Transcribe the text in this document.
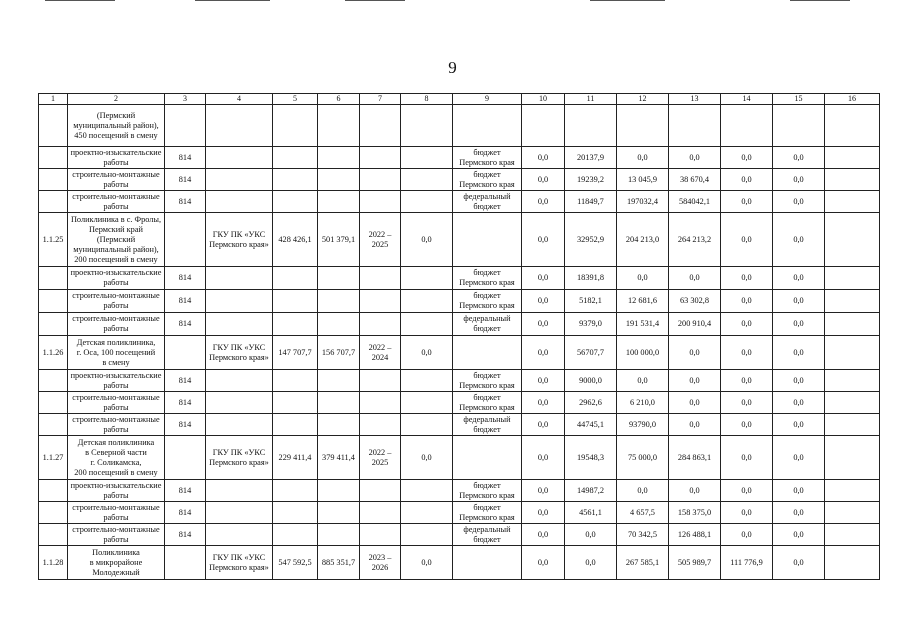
9
1	2	3	4	5	6	7	8	9	10	11	12	13	14	15	16
	(Пермский
муниципальный район),
450 посещений в смену														
	проектно-изыскательские
работы	814						бюджет
Пермского края	0,0	20137,9	0,0	0,0	0,0	0,0	
	строительно-монтажные
работы	814						бюджет
Пермского края	0,0	19239,2	13 045,9	38 670,4	0,0	0,0	
	строительно-монтажные
работы	814						федеральный
бюджет	0,0	11849,7	197032,4	584042,1	0,0	0,0	
1.1.25	Поликлиника в с. Фролы,
Пермский край
(Пермский
муниципальный район),
200 посещений в смену		ГКУ ПК «УКС
Пермского края»	428 426,1	501 379,1	2022 –
2025	0,0		0,0	32952,9	204 213,0	264 213,2	0,0	0,0	
	проектно-изыскательские
работы	814						бюджет
Пермского края	0,0	18391,8	0,0	0,0	0,0	0,0	
	строительно-монтажные
работы	814						бюджет
Пермского края	0,0	5182,1	12 681,6	63 302,8	0,0	0,0	
	строительно-монтажные
работы	814						федеральный
бюджет	0,0	9379,0	191 531,4	200 910,4	0,0	0,0	
1.1.26	Детская поликлиника,
г. Оса, 100 посещений
в смену		ГКУ ПК «УКС
Пермского края»	147 707,7	156 707,7	2022 –
2024	0,0		0,0	56707,7	100 000,0	0,0	0,0	0,0	
	проектно-изыскательские
работы	814						бюджет
Пермского края	0,0	9000,0	0,0	0,0	0,0	0,0	
	строительно-монтажные
работы	814						бюджет
Пермского края	0,0	2962,6	6 210,0	0,0	0,0	0,0	
	строительно-монтажные
работы	814						федеральный
бюджет	0,0	44745,1	93790,0	0,0	0,0	0,0	
1.1.27	Детская поликлиника
в Северной части
г. Соликамска,
200 посещений в смену		ГКУ ПК «УКС
Пермского края»	229 411,4	379 411,4	2022 –
2025	0,0		0,0	19548,3	75 000,0	284 863,1	0,0	0,0	
	проектно-изыскательские
работы	814						бюджет
Пермского края	0,0	14987,2	0,0	0,0	0,0	0,0	
	строительно-монтажные
работы	814						бюджет
Пермского края	0,0	4561,1	4 657,5	158 375,0	0,0	0,0	
	строительно-монтажные
работы	814						федеральный
бюджет	0,0	0,0	70 342,5	126 488,1	0,0	0,0	
1.1.28	Поликлиника
в микрорайоне
Молодежный		ГКУ ПК «УКС
Пермского края»	547 592,5	885 351,7	2023 –
2026	0,0		0,0	0,0	267 585,1	505 989,7	111 776,9	0,0	
